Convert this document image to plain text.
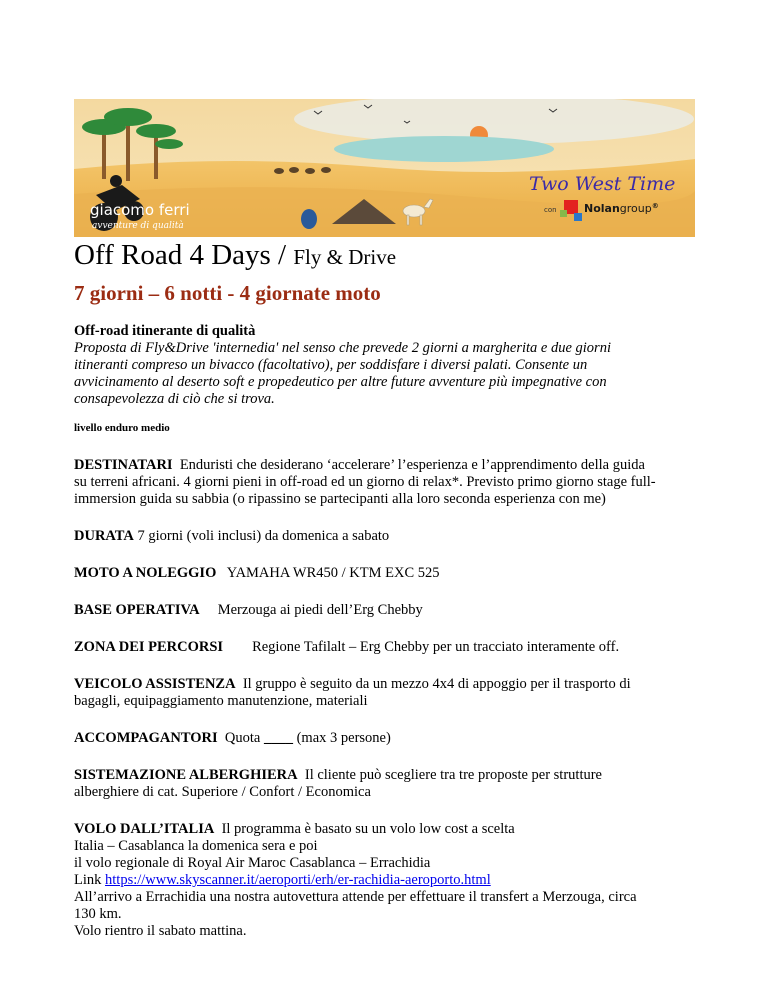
giacomo ferri
avventure di qualità
Two West Time
con Nolangroup®
Off Road 4 Days / Fly & Drive
7 giorni – 6 notti - 4 giornate moto

Off-road itinerante di qualità

Proposta di Fly&Drive 'internedia' nel senso che prevede 2 giorni a margherita e due giorni

itineranti compreso un bivacco (facoltativo), per soddisfare i diversi palati. Consente un

avvicinamento al deserto soft e propedeutico per altre future avventure più impegnative con

consapevolezza di ciò che si trova.

livello enduro medio

DESTINATARI Enduristi che desiderano ‘accelerare’ l’esperienza e l’apprendimento della guida

su terreni africani. 4 giorni pieni in off-road ed un giorno di relax*. Previsto primo giorno stage full-

immersion guida su sabbia (o ripassino se partecipanti alla loro seconda esperienza con me)

DURATA 7 giorni (voli inclusi) da domenica a sabato

MOTO A NOLEGGIO YAMAHA WR450 / KTM EXC 525

BASE OPERATIVA Merzouga ai piedi dell’Erg Chebby

ZONA DEI PERCORSI Regione Tafilalt – Erg Chebby per un tracciato interamente off.

VEICOLO ASSISTENZA Il gruppo è seguito da un mezzo 4x4 di appoggio per il trasporto di

bagagli, equipaggiamento manutenzione, materiali

ACCOMPAGANTORI Quota ____ (max 3 persone)

SISTEMAZIONE ALBERGHIERA Il cliente può scegliere tra tre proposte per strutture

alberghiere di cat. Superiore / Confort / Economica

VOLO DALL’ITALIA Il programma è basato su un volo low cost a scelta

Italia – Casablanca la domenica sera e poi

il volo regionale di Royal Air Maroc Casablanca – Errachidia

Link https://www.skyscanner.it/aeroporti/erh/er-rachidia-aeroporto.html

All’arrivo a Errachidia una nostra autovettura attende per effettuare il transfert a Merzouga, circa

130 km.

Volo rientro il sabato mattina.
